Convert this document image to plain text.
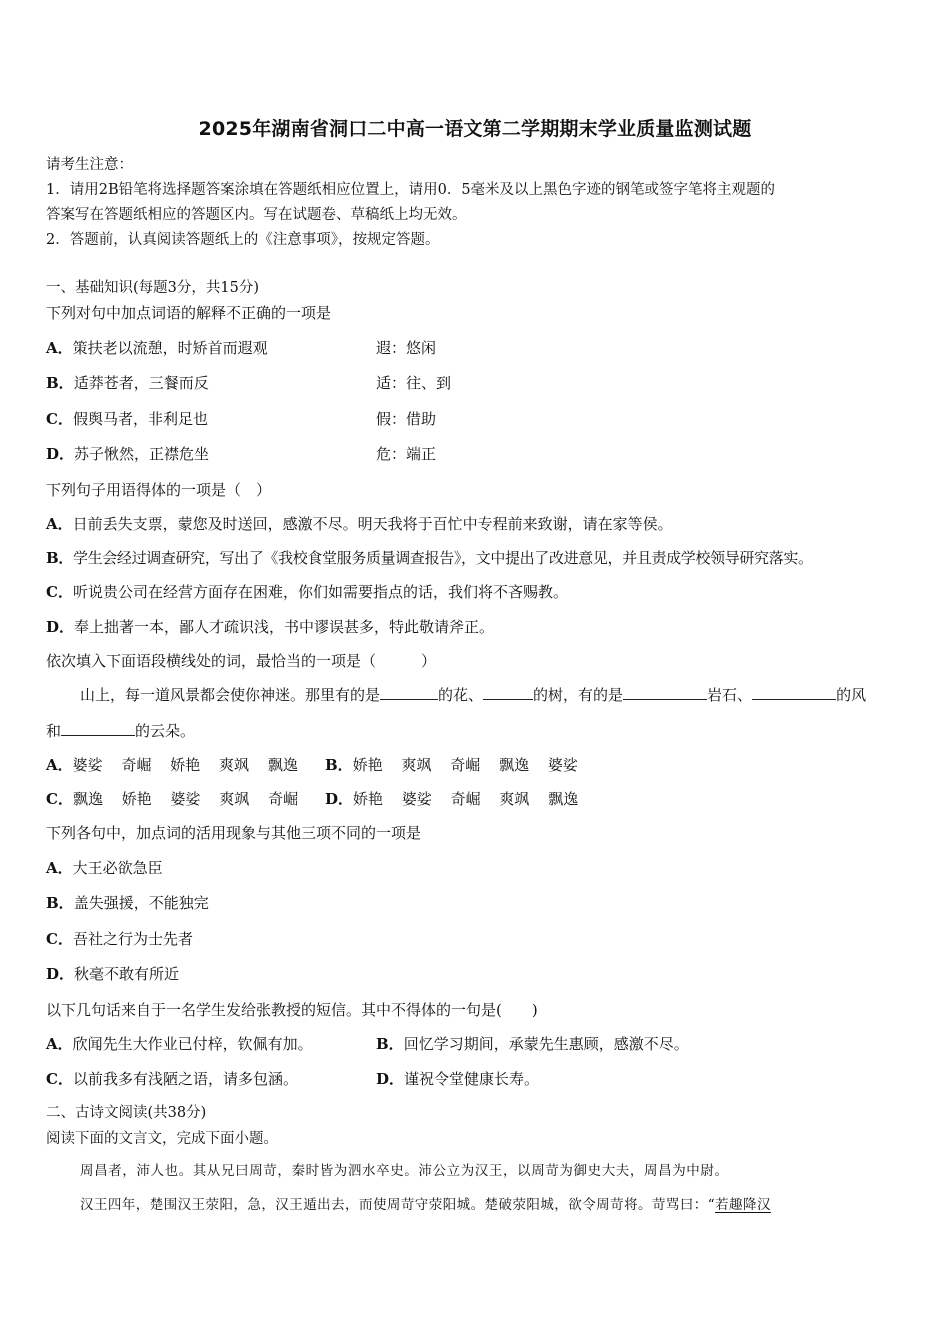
2025年湖南省洞口二中高一语文第二学期期末学业质量监测试题
请考生注意：
1．请用2B铅笔将选择题答案涂填在答题纸相应位置上，请用0．5毫米及以上黑色字迹的钢笔或签字笔将主观题的
答案写在答题纸相应的答题区内。写在试题卷、草稿纸上均无效。
2．答题前，认真阅读答题纸上的《注意事项》，按规定答题。
一、基础知识(每题3分，共15分)
下列对句中加点词语的解释不正确的一项是
A．策扶老以流憩，时矫首而遐观	遐：悠闲
B．适莽苍者，三餐而反	适：往、到
C．假舆马者，非利足也	假：借助
D．苏子愀然，正襟危坐	危：端正
下列句子用语得体的一项是（　）
A．日前丢失支票，蒙您及时送回，感激不尽。明天我将于百忙中专程前来致谢，请在家等侯。
B．学生会经过调查研究，写出了《我校食堂服务质量调查报告》，文中提出了改进意见，并且责成学校领导研究落实。
C．听说贵公司在经营方面存在困难，你们如需要指点的话，我们将不吝赐教。
D．奉上拙著一本，鄙人才疏识浅，书中谬误甚多，特此敬请斧正。
依次填入下面语段横线处的词，最恰当的一项是（　　　）
山上，每一道风景都会使你神迷。那里有的是	的花、	的树，有的是	岩石、	的风
和	的云朵。
A．婆娑 奇崛 娇艳 爽飒 飘逸 B．娇艳 爽飒 奇崛 飘逸 婆娑
C．飘逸 娇艳 婆娑 爽飒 奇崛 D．娇艳 婆娑 奇崛 爽飒 飘逸
下列各句中，加点词的活用现象与其他三项不同的一项是
A．大王必欲急臣
B．盖失强援，不能独完
C．吾社之行为士先者
D．秋毫不敢有所近
以下几句话来自于一名学生发给张教授的短信。其中不得体的一句是(　　)
A．欣闻先生大作业已付梓，钦佩有加。	B．回忆学习期间，承蒙先生惠顾，感激不尽。
C．以前我多有浅陋之语，请多包涵。	D．谨祝令堂健康长寿。
二、古诗文阅读(共38分)
阅读下面的文言文，完成下面小题。
周昌者，沛人也。其从兄曰周苛，秦时皆为泗水卒史。沛公立为汉王，以周苛为御史大夫，周昌为中尉。
汉王四年，楚围汉王荥阳，急，汉王遁出去，而使周苛守荥阳城。楚破荥阳城，欲令周苛将。苛骂曰：“若趣降汉
